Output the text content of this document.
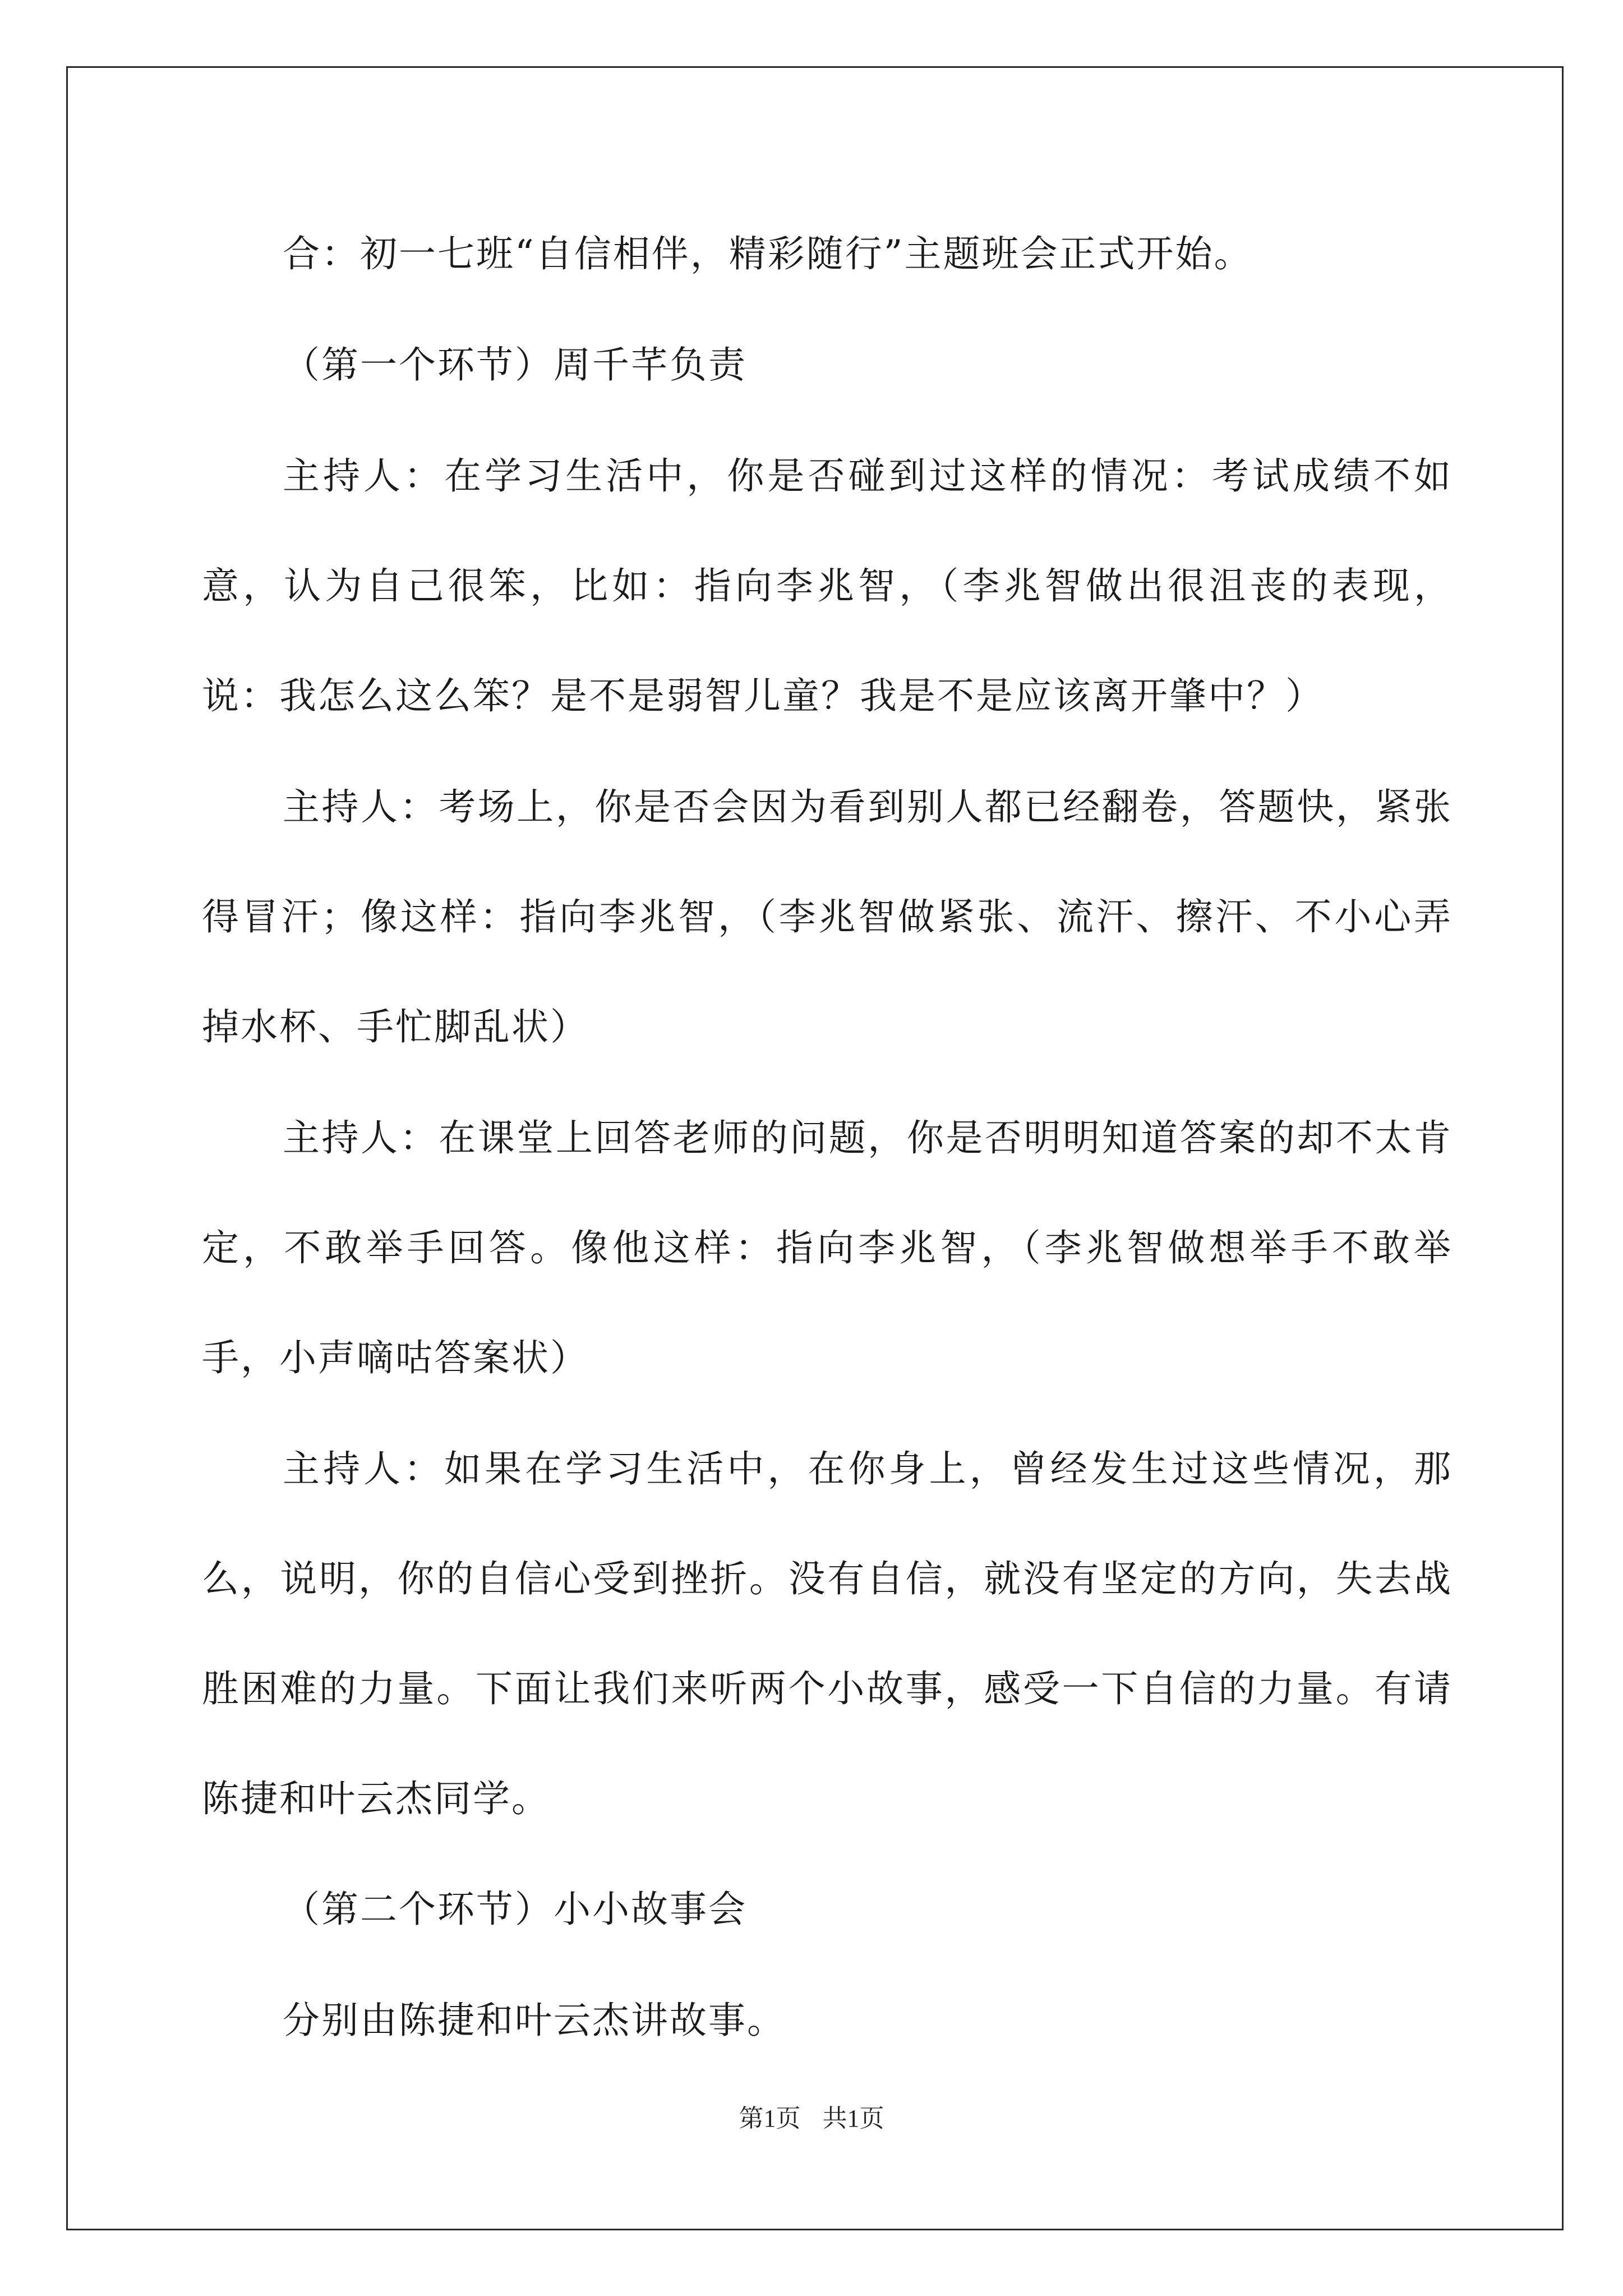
合：初一七班“自信相伴，精彩随行”主题班会正式开始。
（第一个环节）周千芊负责
主持人：在学习生活中，你是否碰到过这样的情况：考试成绩不如意，认为自己很笨，比如：指向李兆智，（李兆智做出很沮丧的表现，说：我怎么这么笨？是不是弱智儿童？我是不是应该离开肇中？）
主持人：考场上，你是否会因为看到别人都已经翻卷，答题快，紧张得冒汗；像这样：指向李兆智，（李兆智做紧张、流汗、擦汗、不小心弄掉水杯、手忙脚乱状）
主持人：在课堂上回答老师的问题，你是否明明知道答案的却不太肯定，不敢举手回答。像他这样：指向李兆智，（李兆智做想举手不敢举手，小声嘀咕答案状）
主持人：如果在学习生活中，在你身上，曾经发生过这些情况，那么，说明，你的自信心受到挫折。没有自信，就没有坚定的方向，失去战胜困难的力量。下面让我们来听两个小故事，感受一下自信的力量。有请陈捷和叶云杰同学。
（第二个环节）小小故事会
分别由陈捷和叶云杰讲故事。
第1页 共1页
